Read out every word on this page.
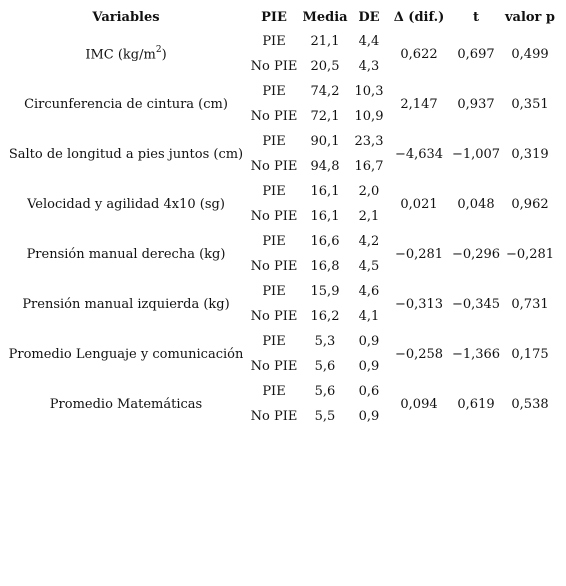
Variables	PIE	Media	DE	Δ (dif.)	t	valor p
IMC $(kg/m^2)$	PIE	21,1	4,4	0,622	0,697	0,499
	No PIE	20,5	4,3			
Circunferencia de cintura (cm)	PIE	74,2	10,3	2,147	0,937	0,351
	No PIE	72,1	10,9			
Salto de longitud a pies juntos (cm)	PIE	90,1	23,3	−4,634	−1,007	0,319
	No PIE	94,8	16,7			
Velocidad y agilidad 4x10 (sg)	PIE	16,1	2,0	0,021	0,048	0,962
	No PIE	16,1	2,1			
Prensión manual derecha (kg)	PIE	16,6	4,2	−0,281	−0,296	−0,281
	No PIE	16,8	4,5			
Prensión manual izquierda (kg)	PIE	15,9	4,6	−0,313	−0,345	0,731
	No PIE	16,2	4,1			
Promedio Lenguaje y comunicación	PIE	5,3	0,9	−0,258	−1,366	0,175
	No PIE	5,6	0,9			
Promedio Matemáticas	PIE	5,6	0,6	0,094	0,619	0,538
	No PIE	5,5	0,9			
